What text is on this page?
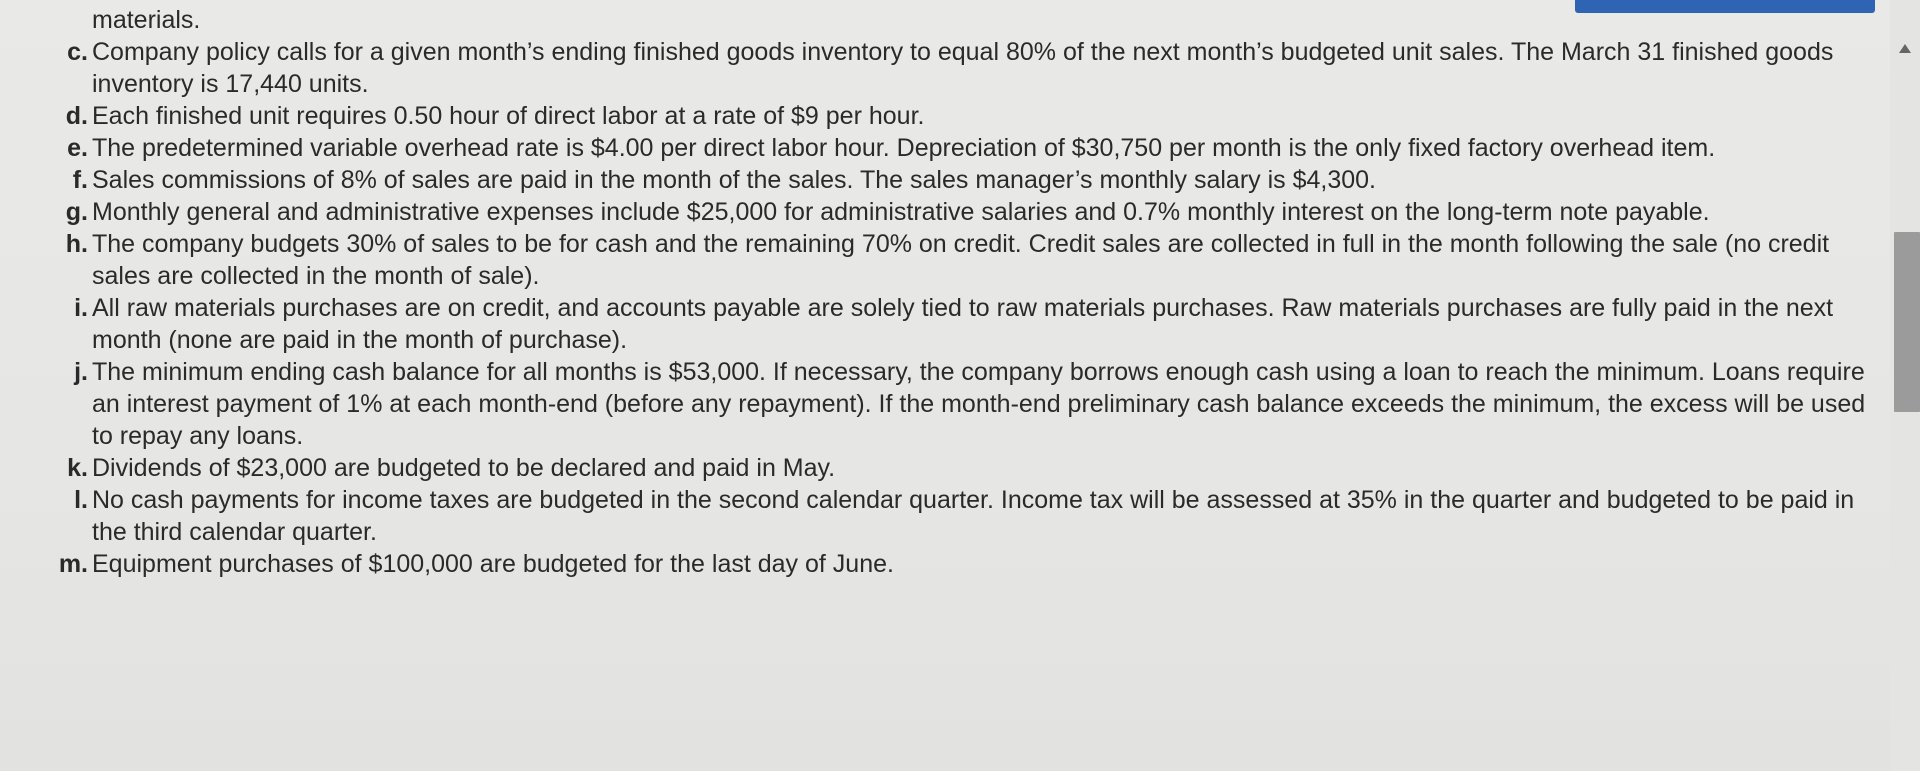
materials.

c. Company policy calls for a given month’s ending finished goods inventory to equal 80% of the next month’s budgeted unit sales. The March 31 finished goods inventory is 17,440 units.
d. Each finished unit requires 0.50 hour of direct labor at a rate of $9 per hour.
e. The predetermined variable overhead rate is $4.00 per direct labor hour. Depreciation of $30,750 per month is the only fixed factory overhead item.
f. Sales commissions of 8% of sales are paid in the month of the sales. The sales manager’s monthly salary is $4,300.
g. Monthly general and administrative expenses include $25,000 for administrative salaries and 0.7% monthly interest on the long-term note payable.
h. The company budgets 30% of sales to be for cash and the remaining 70% on credit. Credit sales are collected in full in the month following the sale (no credit sales are collected in the month of sale).
i. All raw materials purchases are on credit, and accounts payable are solely tied to raw materials purchases. Raw materials purchases are fully paid in the next month (none are paid in the month of purchase).
j. The minimum ending cash balance for all months is $53,000. If necessary, the company borrows enough cash using a loan to reach the minimum. Loans require an interest payment of 1% at each month-end (before any repayment). If the month-end preliminary cash balance exceeds the minimum, the excess will be used to repay any loans.
k. Dividends of $23,000 are budgeted to be declared and paid in May.
l. No cash payments for income taxes are budgeted in the second calendar quarter. Income tax will be assessed at 35% in the quarter and budgeted to be paid in the third calendar quarter.
m. Equipment purchases of $100,000 are budgeted for the last day of June.
